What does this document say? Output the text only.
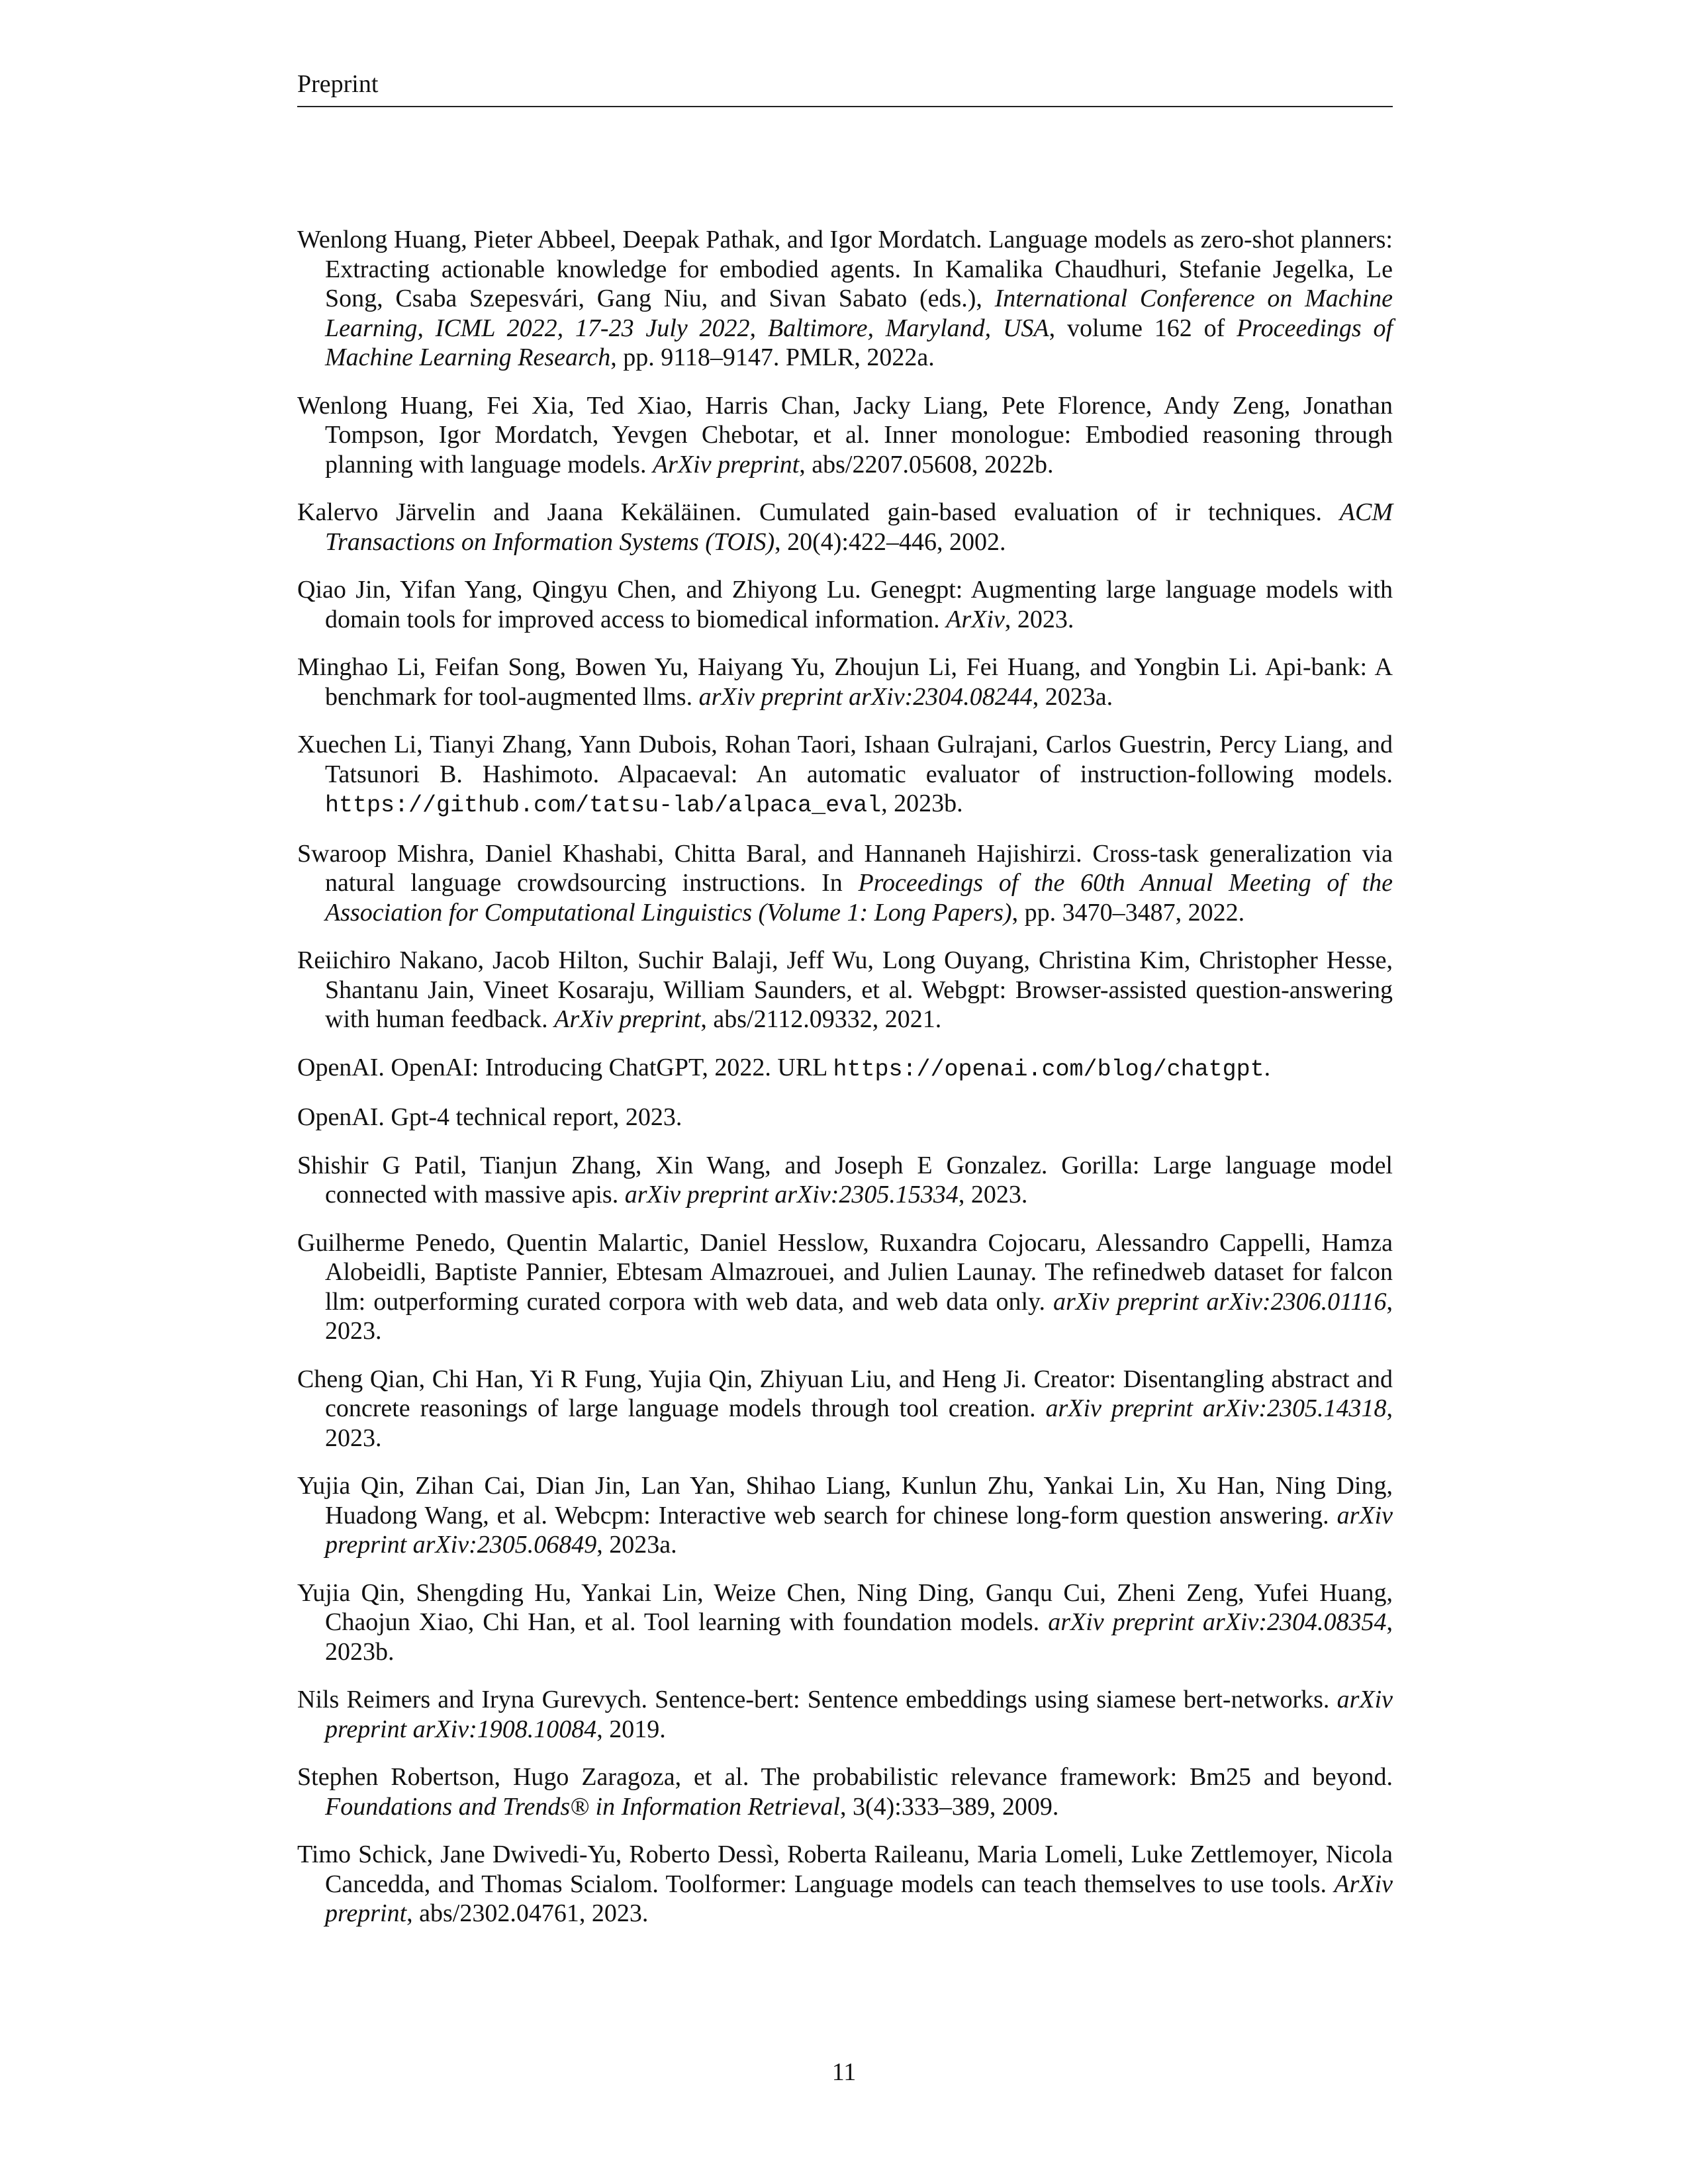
Preprint
Wenlong Huang, Pieter Abbeel, Deepak Pathak, and Igor Mordatch. Language models as zero-shot planners: Extracting actionable knowledge for embodied agents. In Kamalika Chaudhuri, Stefanie Jegelka, Le Song, Csaba Szepesvári, Gang Niu, and Sivan Sabato (eds.), International Conference on Machine Learning, ICML 2022, 17-23 July 2022, Baltimore, Maryland, USA, volume 162 of Proceedings of Machine Learning Research, pp. 9118–9147. PMLR, 2022a.
Wenlong Huang, Fei Xia, Ted Xiao, Harris Chan, Jacky Liang, Pete Florence, Andy Zeng, Jonathan Tompson, Igor Mordatch, Yevgen Chebotar, et al. Inner monologue: Embodied reasoning through planning with language models. ArXiv preprint, abs/2207.05608, 2022b.
Kalervo Järvelin and Jaana Kekäläinen. Cumulated gain-based evaluation of ir techniques. ACM Transactions on Information Systems (TOIS), 20(4):422–446, 2002.
Qiao Jin, Yifan Yang, Qingyu Chen, and Zhiyong Lu. Genegpt: Augmenting large language models with domain tools for improved access to biomedical information. ArXiv, 2023.
Minghao Li, Feifan Song, Bowen Yu, Haiyang Yu, Zhoujun Li, Fei Huang, and Yongbin Li. Api-bank: A benchmark for tool-augmented llms. arXiv preprint arXiv:2304.08244, 2023a.
Xuechen Li, Tianyi Zhang, Yann Dubois, Rohan Taori, Ishaan Gulrajani, Carlos Guestrin, Percy Liang, and Tatsunori B. Hashimoto. Alpacaeval: An automatic evaluator of instruction-following models. https://github.com/tatsu-lab/alpaca_eval, 2023b.
Swaroop Mishra, Daniel Khashabi, Chitta Baral, and Hannaneh Hajishirzi. Cross-task generalization via natural language crowdsourcing instructions. In Proceedings of the 60th Annual Meeting of the Association for Computational Linguistics (Volume 1: Long Papers), pp. 3470–3487, 2022.
Reiichiro Nakano, Jacob Hilton, Suchir Balaji, Jeff Wu, Long Ouyang, Christina Kim, Christopher Hesse, Shantanu Jain, Vineet Kosaraju, William Saunders, et al. Webgpt: Browser-assisted question-answering with human feedback. ArXiv preprint, abs/2112.09332, 2021.
OpenAI. OpenAI: Introducing ChatGPT, 2022. URL https://openai.com/blog/chatgpt.
OpenAI. Gpt-4 technical report, 2023.
Shishir G Patil, Tianjun Zhang, Xin Wang, and Joseph E Gonzalez. Gorilla: Large language model connected with massive apis. arXiv preprint arXiv:2305.15334, 2023.
Guilherme Penedo, Quentin Malartic, Daniel Hesslow, Ruxandra Cojocaru, Alessandro Cappelli, Hamza Alobeidli, Baptiste Pannier, Ebtesam Almazrouei, and Julien Launay. The refinedweb dataset for falcon llm: outperforming curated corpora with web data, and web data only. arXiv preprint arXiv:2306.01116, 2023.
Cheng Qian, Chi Han, Yi R Fung, Yujia Qin, Zhiyuan Liu, and Heng Ji. Creator: Disentangling abstract and concrete reasonings of large language models through tool creation. arXiv preprint arXiv:2305.14318, 2023.
Yujia Qin, Zihan Cai, Dian Jin, Lan Yan, Shihao Liang, Kunlun Zhu, Yankai Lin, Xu Han, Ning Ding, Huadong Wang, et al. Webcpm: Interactive web search for chinese long-form question answering. arXiv preprint arXiv:2305.06849, 2023a.
Yujia Qin, Shengding Hu, Yankai Lin, Weize Chen, Ning Ding, Ganqu Cui, Zheni Zeng, Yufei Huang, Chaojun Xiao, Chi Han, et al. Tool learning with foundation models. arXiv preprint arXiv:2304.08354, 2023b.
Nils Reimers and Iryna Gurevych. Sentence-bert: Sentence embeddings using siamese bert-networks. arXiv preprint arXiv:1908.10084, 2019.
Stephen Robertson, Hugo Zaragoza, et al. The probabilistic relevance framework: Bm25 and beyond. Foundations and Trends® in Information Retrieval, 3(4):333–389, 2009.
Timo Schick, Jane Dwivedi-Yu, Roberto Dessì, Roberta Raileanu, Maria Lomeli, Luke Zettlemoyer, Nicola Cancedda, and Thomas Scialom. Toolformer: Language models can teach themselves to use tools. ArXiv preprint, abs/2302.04761, 2023.
11
